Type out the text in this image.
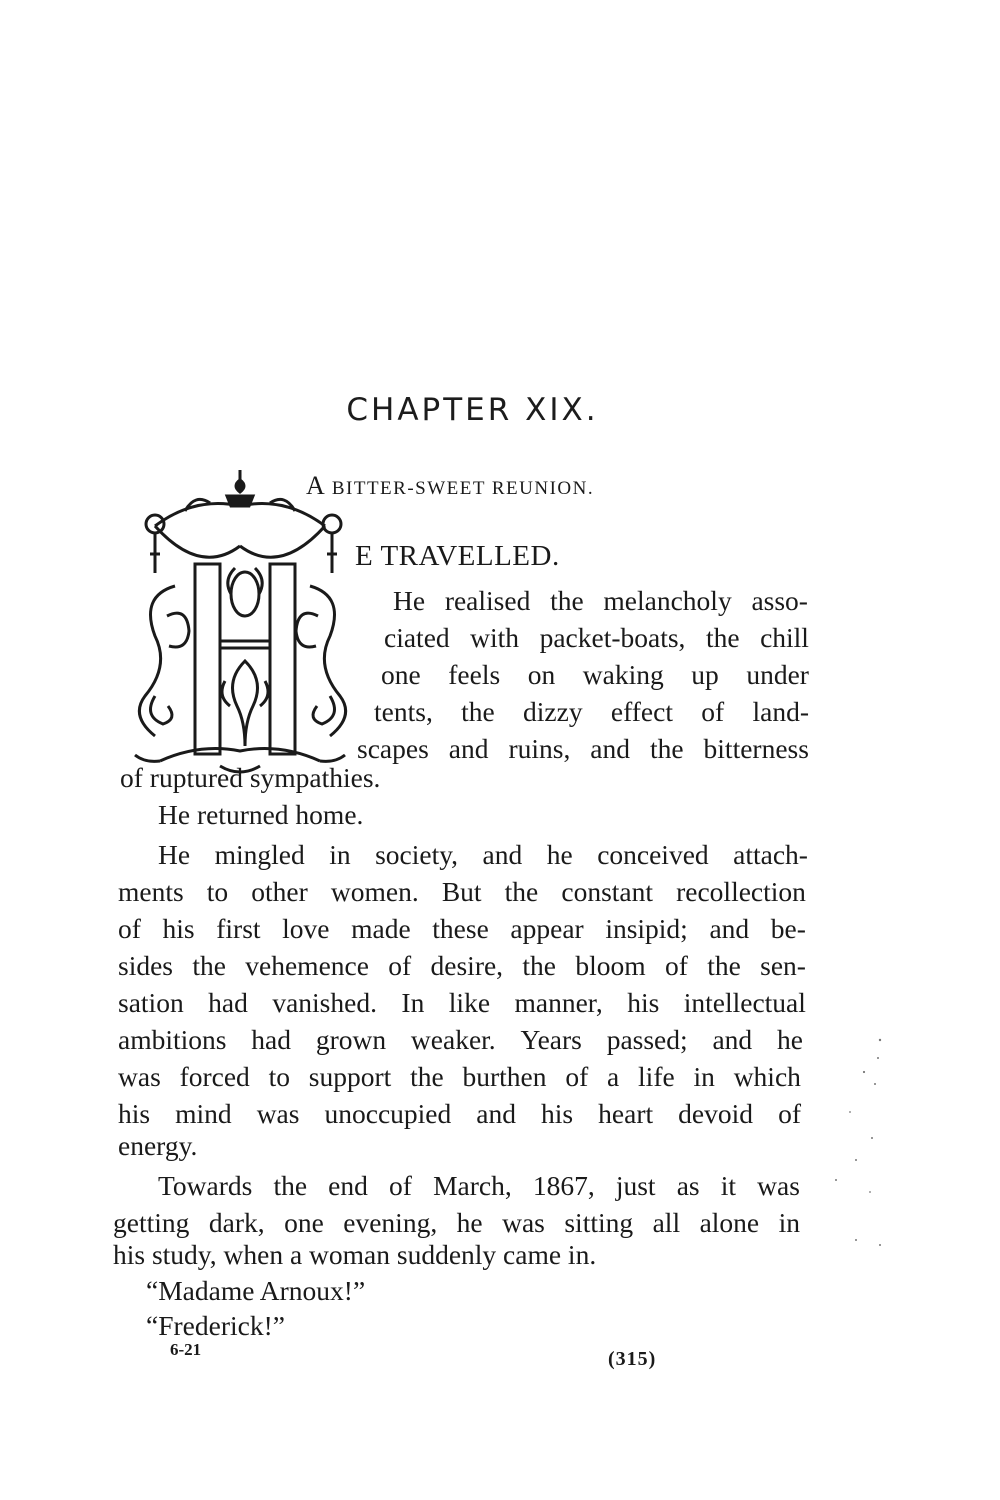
CHAPTER XIX.
A BITTER-SWEET REUNION.
E TRAVELLED.
He realised the melancholy asso-
ciated with packet-boats, the chill
one feels on waking up under
tents, the dizzy effect of land-
scapes and ruins, and the bitterness
of ruptured sympathies.
He returned home.
He mingled in society, and he conceived attach-
ments to other women. But the constant recollection
of his first love made these appear insipid; and be-
sides the vehemence of desire, the bloom of the sen-
sation had vanished. In like manner, his intellectual
ambitions had grown weaker. Years passed; and he
was forced to support the burthen of a life in which
his mind was unoccupied and his heart devoid of
energy.
Towards the end of March, 1867, just as it was
getting dark, one evening, he was sitting all alone in
his study, when a woman suddenly came in.
“Madame Arnoux!”
“Frederick!”
6-21	(315)
